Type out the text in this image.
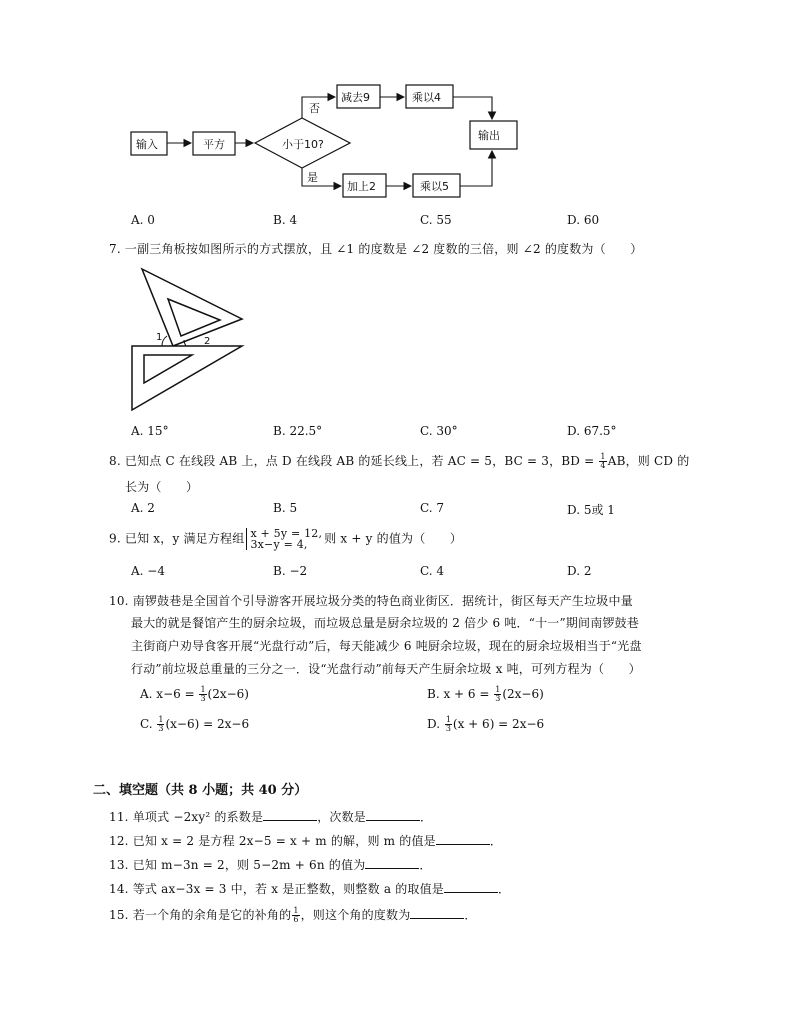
输入	平方	小于10?
否
是
减去9	乘以4
加上2	乘以5
输出
A. 0	B. 4	C. 55	D. 60
7. 一副三角板按如图所示的方式摆放，且 ∠1 的度数是 ∠2 度数的三倍，则 ∠2 的度数为（　　）
1	2
A. 15°	B. 22.5°	C. 30°	D. 67.5°
8. 已知点 C 在线段 AB 上，点 D 在线段 AB 的延长线上，若 AC = 5，BC = 3，BD = $\frac{1}{4}$ AB，则 CD 的
长为（　　）
A. 2	B. 5	C. 7	D. 5或 1
9. 已知 x，y 满足方程组 x + 5y = 12,
3x−y = 4,	则 x + y 的值为（　　）
A. −4	B. −2	C. 4	D. 2
10. 南锣鼓巷是全国首个引导游客开展垃圾分类的特色商业街区．据统计，街区每天产生垃圾中量
最大的就是餐馆产生的厨余垃圾，而垃圾总量是厨余垃圾的 2 倍少 6 吨．“十一”期间南锣鼓巷
主街商户劝导食客开展“光盘行动”后，每天能减少 6 吨厨余垃圾，现在的厨余垃圾相当于“光盘
行动”前垃圾总重量的三分之一．设“光盘行动”前每天产生厨余垃圾 x 吨，可列方程为（　　）
A. $x-6 = \frac{1}{3} (2x-6)$	B. $x + 6 = \frac{1}{3} (2x-6)$
C. $\frac{1}{3} (x-6) = 2x-6$	D. $\frac{1}{3} (x + 6) = 2x-6$
二、填空题（共 8 小题；共 40 分）
11. 单项式 −2xy² 的系数是	，次数是	．
12. 已知 x = 2 是方程 2x−5 = x + m 的解，则 m 的值是	．
13. 已知 m−3n = 2，则 5−2m + 6n 的值为	．
14. 等式 ax−3x = 3 中，若 x 是正整数，则整数 a 的取值是	．
15. 若一个角的余角是它的补角的 $\frac{1}{6}$ ，则这个角的度数为	．
